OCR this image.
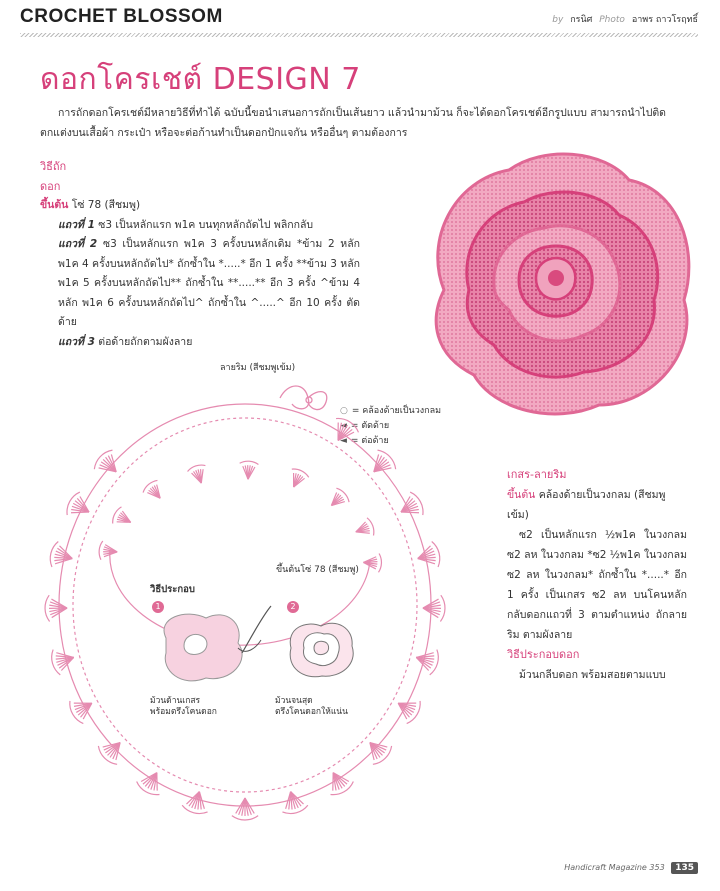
CROCHET BLOSSOM	by กรนิศ Photo อาพร ถาวโรฤทธิ์
ดอกโครเชต์ DESIGN 7
การถักดอกโครเชต์มีหลายวิธีที่ทำได้ ฉบับนี้ขอนำเสนอการถักเป็นเส้นยาว แล้วนำมาม้วน ก็จะได้ดอกโครเชต์อีกรูปแบบ สามารถนำไปติดตกแต่งบนเสื้อผ้า กระเป๋า หรือจะต่อก้านทำเป็นดอกปักแจกัน หรืออื่นๆ ตามต้องการ
วิธีถัก
ดอก
ขึ้นต้น โซ่ 78 (สีชมพู)
แถวที่ 1 ซ3 เป็นหลักแรก พ1ค บนทุกหลักถัดไป พลิกกลับ
แถวที่ 2 ซ3 เป็นหลักแรก พ1ค 3 ครั้งบนหลักเดิม *ข้าม 2 หลัก พ1ค 4 ครั้งบนหลักถัดไป* ถักซ้ำใน *.....* อีก 1 ครั้ง **ข้าม 3 หลัก พ1ค 5 ครั้งบนหลักถัดไป** ถักซ้ำใน **.....** อีก 3 ครั้ง ^ข้าม 4 หลัก พ1ค 6 ครั้งบนหลักถัดไป^ ถักซ้ำใน ^.....^ อีก 10 ครั้ง ตัดด้าย
แถวที่ 3 ต่อด้ายถักตามผังลาย
○ = คล้องด้ายเป็นวงกลม
◄ = ตัดด้าย
◄ = ต่อด้าย
ลายริม (สีชมพูเข้ม)
ขึ้นต้นโซ่ 78 (สีชมพู)
วิธีประกอบ
1	2
ม้วนด้านเกสร
พร้อมตรึงโคนดอก
ม้วนจนสุด
ตรึงโคนดอกให้แน่น
เกสร-ลายริม
ขึ้นต้น คล้องด้ายเป็นวงกลม (สีชมพูเข้ม)
ซ2 เป็นหลักแรก ½พ1ค ในวงกลม ซ2 ลห ในวงกลม *ซ2 ½พ1ค ในวงกลม ซ2 ลห ในวงกลม* ถักซ้ำใน *.....* อีก 1 ครั้ง เป็นเกสร ซ2 ลห บนโคนหลักกลับดอกแถวที่ 3 ตามตำแหน่ง ถักลายริม ตามผังลาย
วิธีประกอบดอก
ม้วนกลีบดอก พร้อมสอยตามแบบ
Handicraft Magazine 353 135
